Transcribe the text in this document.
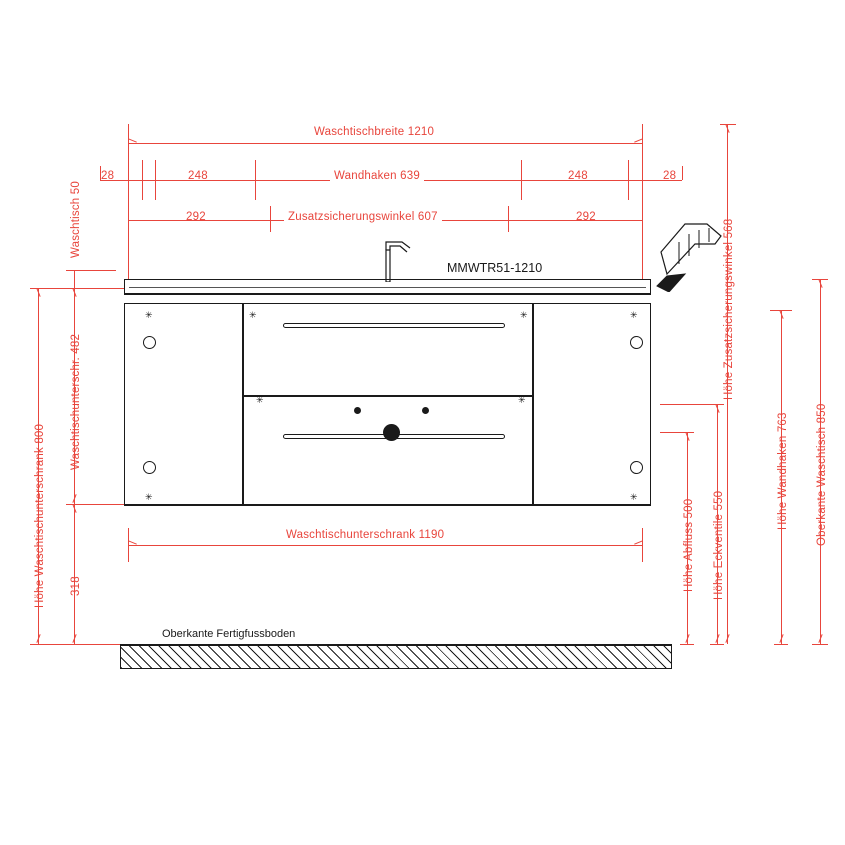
Waschtischbreite 1210
28	248	Wandhaken 639	248	28
292	Zusatzsicherungswinkel 607	292
Waschtisch 50
Waschtischunterschr. 482
318
Höhe Waschtischunterschrank 800
✳
✳
✳
✳
✳	✳
✳	✳
MMWTR51-1210
Waschtischunterschrank 1190
Oberkante Fertigfussboden
Höhe Abfluss 500 Höhe Eckventile 550
Höhe Wandhaken 763 Oberkante Waschtisch 850
Höhe Zusatzsicherungswinkel 568
